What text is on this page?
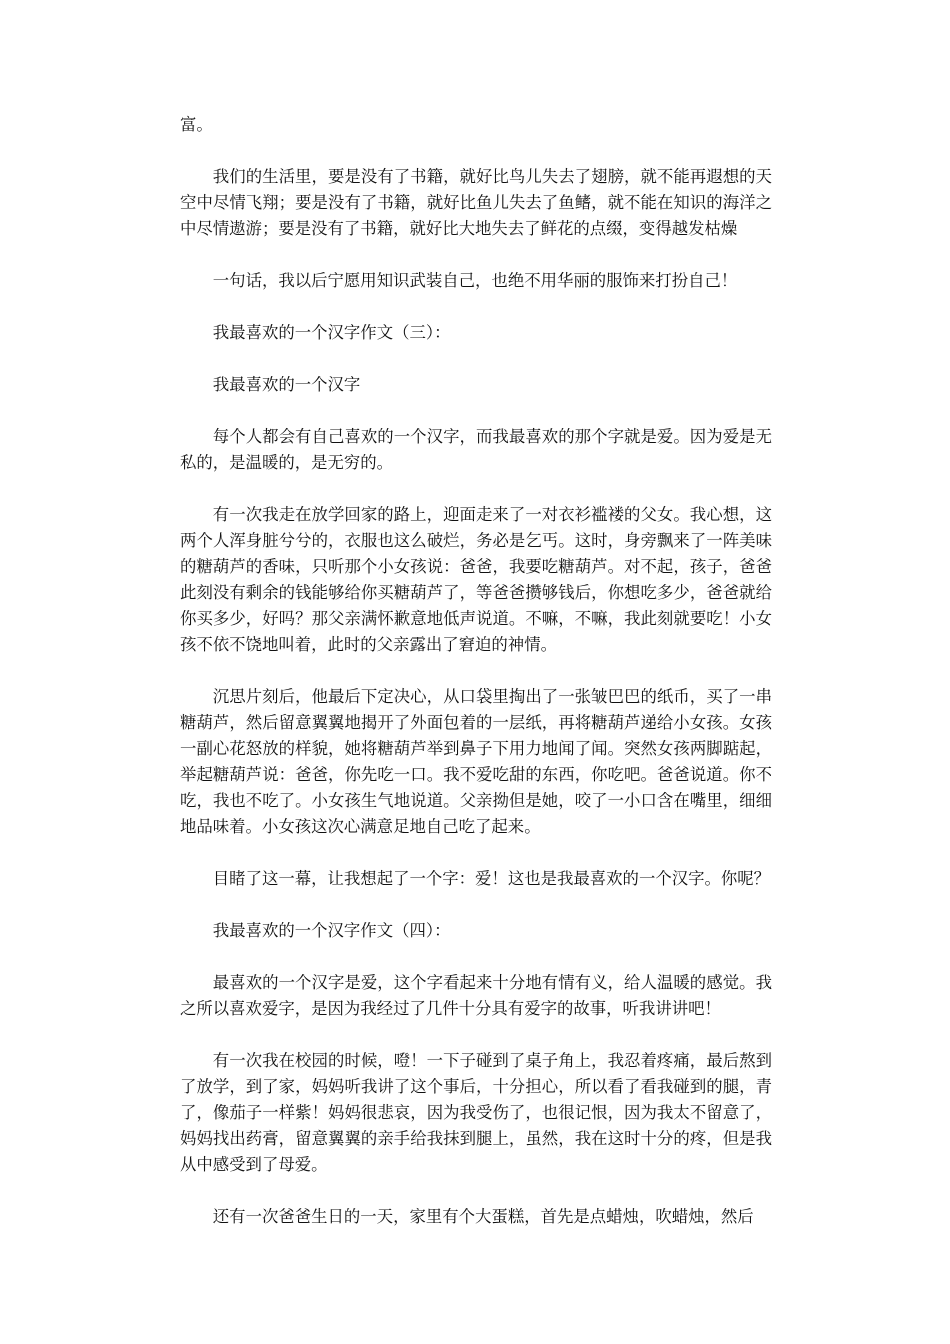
富。

我们的生活里，要是没有了书籍，就好比鸟儿失去了翅膀，就不能再遐想的天空中尽情飞翔；要是没有了书籍，就好比鱼儿失去了鱼鳍，就不能在知识的海洋之中尽情遨游；要是没有了书籍，就好比大地失去了鲜花的点缀，变得越发枯燥

一句话，我以后宁愿用知识武装自己，也绝不用华丽的服饰来打扮自己！

我最喜欢的一个汉字作文（三）：

我最喜欢的一个汉字

每个人都会有自己喜欢的一个汉字，而我最喜欢的那个字就是爱。因为爱是无私的，是温暖的，是无穷的。

有一次我走在放学回家的路上，迎面走来了一对衣衫褴褛的父女。我心想，这两个人浑身脏兮兮的，衣服也这么破烂，务必是乞丐。这时，身旁飘来了一阵美味的糖葫芦的香味，只听那个小女孩说：爸爸，我要吃糖葫芦。对不起，孩子，爸爸此刻没有剩余的钱能够给你买糖葫芦了，等爸爸攒够钱后，你想吃多少，爸爸就给你买多少，好吗？那父亲满怀歉意地低声说道。不嘛，不嘛，我此刻就要吃！小女孩不依不饶地叫着，此时的父亲露出了窘迫的神情。

沉思片刻后，他最后下定决心，从口袋里掏出了一张皱巴巴的纸币，买了一串糖葫芦，然后留意翼翼地揭开了外面包着的一层纸，再将糖葫芦递给小女孩。女孩一副心花怒放的样貌，她将糖葫芦举到鼻子下用力地闻了闻。突然女孩两脚踮起，举起糖葫芦说：爸爸，你先吃一口。我不爱吃甜的东西，你吃吧。爸爸说道。你不吃，我也不吃了。小女孩生气地说道。父亲拗但是她，咬了一小口含在嘴里，细细地品味着。小女孩这次心满意足地自己吃了起来。

目睹了这一幕，让我想起了一个字：爱！这也是我最喜欢的一个汉字。你呢？

我最喜欢的一个汉字作文（四）：

最喜欢的一个汉字是爱，这个字看起来十分地有情有义，给人温暖的感觉。我之所以喜欢爱字，是因为我经过了几件十分具有爱字的故事，听我讲讲吧！

有一次我在校园的时候，噔！一下子碰到了桌子角上，我忍着疼痛，最后熬到了放学，到了家，妈妈听我讲了这个事后，十分担心，所以看了看我碰到的腿，青了，像茄子一样紫！妈妈很悲哀，因为我受伤了，也很记恨，因为我太不留意了，妈妈找出药膏，留意翼翼的亲手给我抹到腿上，虽然，我在这时十分的疼，但是我从中感受到了母爱。

还有一次爸爸生日的一天，家里有个大蛋糕，首先是点蜡烛，吹蜡烛，然后
